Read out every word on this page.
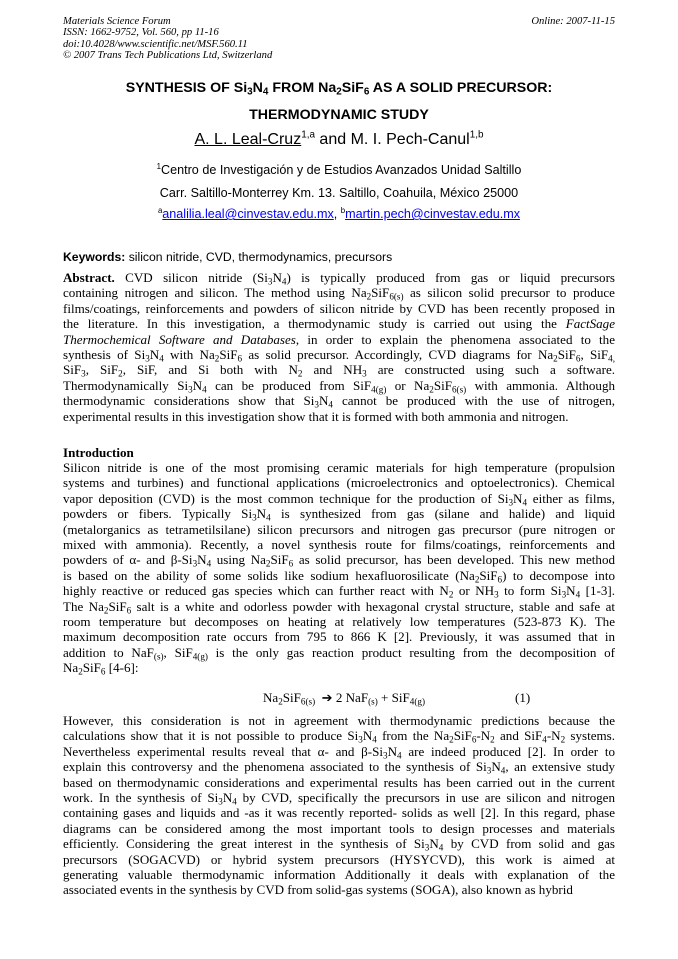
Materials Science Forum
ISSN: 1662-9752, Vol. 560, pp 11-16
doi:10.4028/www.scientific.net/MSF.560.11
© 2007 Trans Tech Publications Ltd, Switzerland
Online: 2007-11-15
SYNTHESIS OF $Si_3N_4$ FROM $Na_2SiF_6$ AS A SOLID PRECURSOR:
THERMODYNAMIC STUDY
A. L. Leal-Cruz$^{1,a}$ and M. I. Pech-Canul$^{1,b}$
$^1$Centro de Investigación y de Estudios Avanzados Unidad Saltillo
Carr. Saltillo-Monterrey Km. 13. Saltillo, Coahuila, México 25000
$^a$analilia.leal@cinvestav.edu.mx, $^b$martin.pech@cinvestav.edu.mx
Keywords: silicon nitride, CVD, thermodynamics, precursors
Abstract. CVD silicon nitride $(Si_3N_4)$ is typically produced from gas or liquid precursors
containing nitrogen and silicon. The method using $Na_2SiF_{6(s)}$ as silicon solid precursor to produce
films/coatings, reinforcements and powders of silicon nitride by CVD has been recently proposed in
the literature. In this investigation, a thermodynamic study is carried out using the FactSage
Thermochemical Software and Databases, in order to explain the phenomena associated to the
synthesis of $Si_3N_4$ with $Na_2SiF_6$ as solid precursor. Accordingly, CVD diagrams for $Na_2SiF_6$, SiF$_{4,}$
SiF$_3$, SiF$_2$, SiF, and Si both with $N_2$ and $NH_3$ are constructed using such a software.
Thermodynamically $Si_3N_4$ can be produced from SiF$_{4(g)}$ or $Na_2SiF_{6(s)}$ with ammonia. Although
thermodynamic considerations show that $Si_3N_4$ cannot be produced with the use of nitrogen,
experimental results in this investigation show that it is formed with both ammonia and nitrogen.
Introduction
Silicon nitride is one of the most promising ceramic materials for high temperature (propulsion
systems and turbines) and functional applications (microelectronics and optoelectronics). Chemical
vapor deposition (CVD) is the most common technique for the production of $Si_3N_4$ either as films,
powders or fibers. Typically $Si_3N_4$ is synthesized from gas (silane and halide) and liquid
(metalorganics as tetrametilsilane) silicon precursors and nitrogen gas precursor (pure nitrogen or
mixed with ammonia). Recently, a novel synthesis route for films/coatings, reinforcements and
powders of α- and $\beta-Si_3N_4$ using $Na_2SiF_6$ as solid precursor, has been developed. This new method
is based on the ability of some solids like sodium hexafluorosilicate $(Na_2SiF_6)$ to decompose into
highly reactive or reduced gas species which can further react with $N_2$ or $NH_3$ to form $Si_3N_4$ [1-3].
The $Na_2SiF_6$ salt is a white and odorless powder with hexagonal crystal structure, stable and safe at
room temperature but decomposes on heating at relatively low temperatures (523-873 K). The
maximum decomposition rate occurs from 795 to 866 K [2]. Previously, it was assumed that in
addition to NaF$_{(s)}$, SiF$_{4(g)}$ is the only gas reaction product resulting from the decomposition of
$Na_2SiF_6$ [4-6]:
$Na_2SiF_{6(s)}$  ➔ 2 NaF$_{(s)}$ + SiF$_{4(g)}$	(1)
However, this consideration is not in agreement with thermodynamic predictions because the
calculations show that it is not possible to produce $Si_3N_4$ from the $Na_2SiF_6-N_2$ and $SiF_4-N_2$ systems.
Nevertheless experimental results reveal that α- and $\beta-Si_3N_4$ are indeed produced [2]. In order to
explain this controversy and the phenomena associated to the synthesis of $Si_3N_4$, an extensive study
based on thermodynamic considerations and experimental results has been carried out in the current
work. In the synthesis of $Si_3N_4$ by CVD, specifically the precursors in use are silicon and nitrogen
containing gases and liquids and -as it was recently reported- solids as well [2]. In this regard, phase
diagrams can be considered among the most important tools to design processes and materials
efficiently. Considering the great interest in the synthesis of $Si_3N_4$ by CVD from solid and gas
precursors (SOGACVD) or hybrid system precursors (HYSYCVD), this work is aimed at
generating valuable thermodynamic information Additionally it deals with explanation of the
associated events in the synthesis by CVD from solid-gas systems (SOGA), also known as hybrid
